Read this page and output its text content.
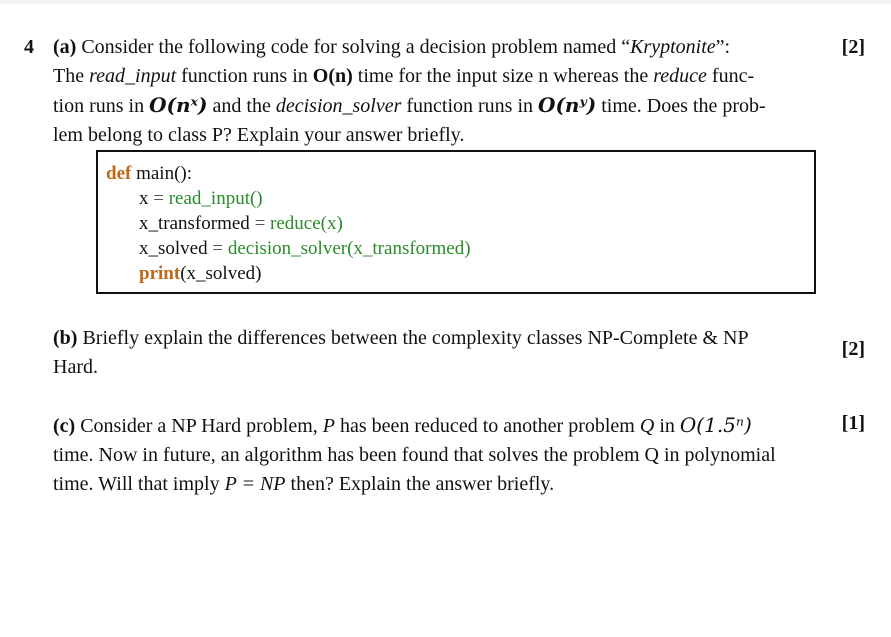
4	[2]
(a) Consider the following code for solving a decision problem named “Kryptonite”:
The read_input function runs in O(n) time for the input size n whereas the reduce func-
tion runs in O(nˣ) and the decision_solver function runs in O(nʸ) time. Does the prob-
lem belong to class P? Explain your answer briefly.
def main():
x = read_input()
x_transformed = reduce(x)
x_solved = decision_solver(x_transformed)
print(x_solved)
[2]
(b) Briefly explain the differences between the complexity classes NP-Complete & NP
Hard.
[1]
(c) Consider a NP Hard problem, P has been reduced to another problem Q in O(1.5ⁿ)
time. Now in future, an algorithm has been found that solves the problem Q in polynomial
time. Will that imply P = NP then? Explain the answer briefly.
